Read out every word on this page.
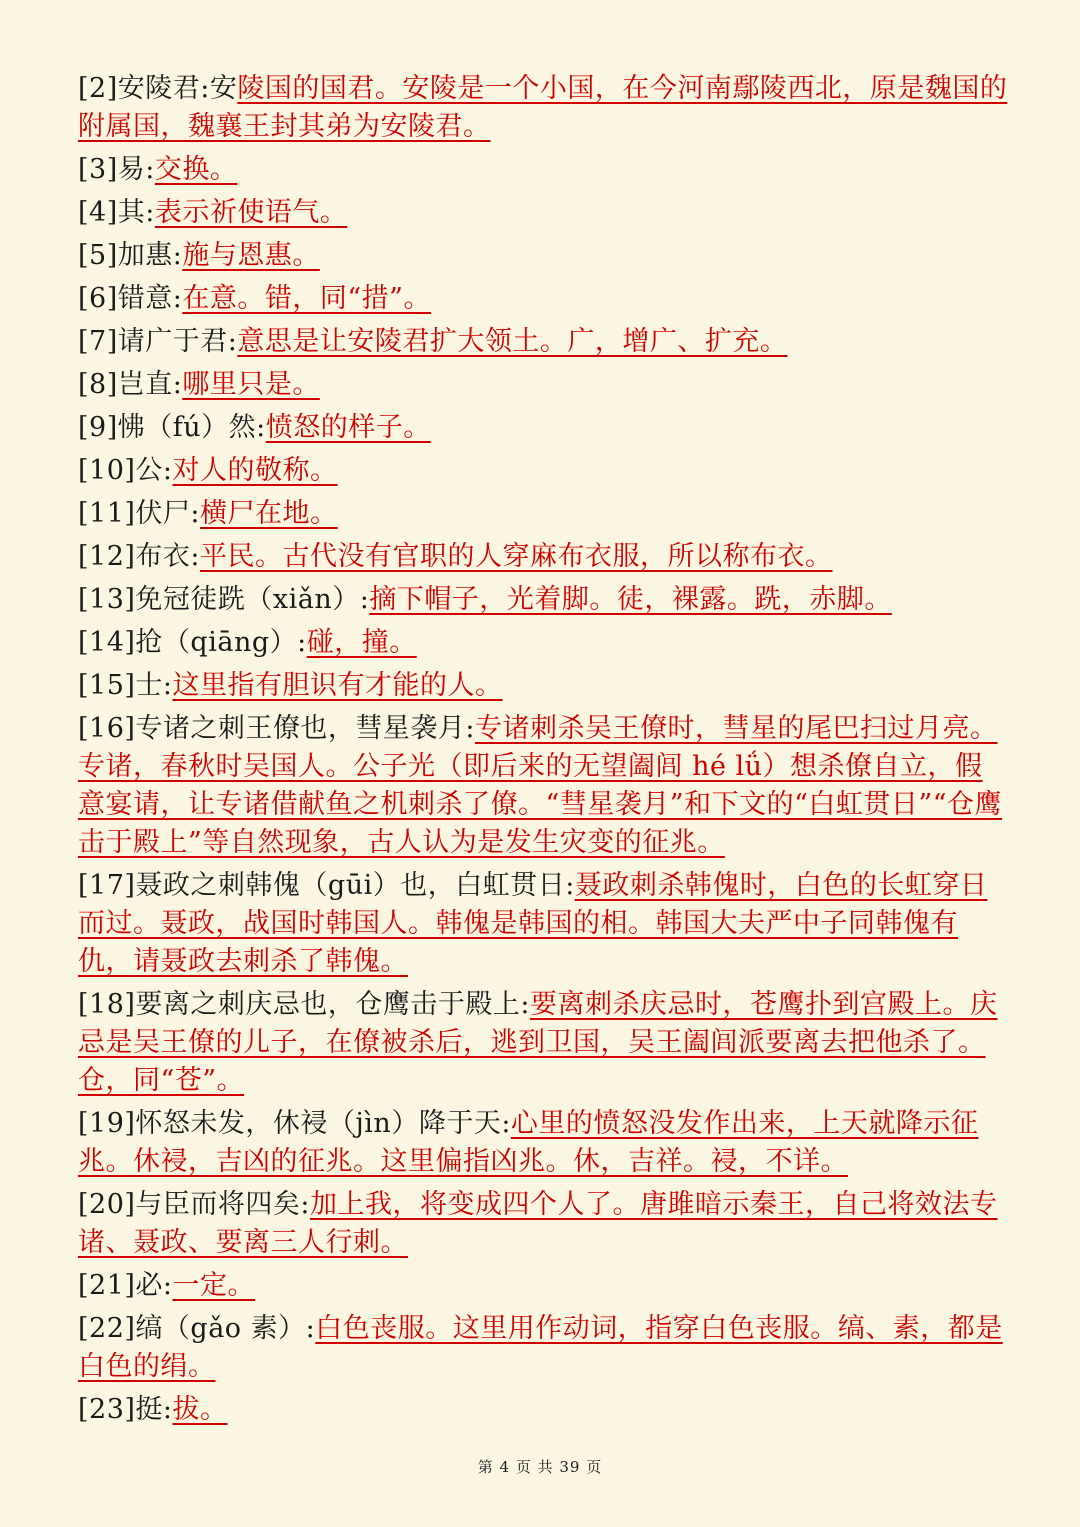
[2]安陵君:安陵国的国君。安陵是一个小国，在今河南鄢陵西北，原是魏国的附属国，魏襄王封其弟为安陵君。

[3]易:交换。

[4]其:表示祈使语气。

[5]加惠:施与恩惠。

[6]错意:在意。错，同“措”。

[7]请广于君:意思是让安陵君扩大领土。广，增广、扩充。

[8]岂直:哪里只是。

[9]怫（fú）然:愤怒的样子。

[10]公:对人的敬称。

[11]伏尸:横尸在地。

[12]布衣:平民。古代没有官职的人穿麻布衣服，所以称布衣。

[13]免冠徒跣（xiǎn）:摘下帽子，光着脚。徒，裸露。跣，赤脚。

[14]抢（qiāng）:碰，撞。

[15]士:这里指有胆识有才能的人。

[16]专诸之刺王僚也，彗星袭月:专诸刺杀吴王僚时，彗星的尾巴扫过月亮。专诸，春秋时吴国人。公子光（即后来的无望阖闾 hé lǘ）想杀僚自立，假意宴请，让专诸借献鱼之机刺杀了僚。“彗星袭月”和下文的“白虹贯日”“仓鹰击于殿上”等自然现象，古人认为是发生灾变的征兆。

[17]聂政之刺韩傀（gūi）也，白虹贯日:聂政刺杀韩傀时，白色的长虹穿日而过。聂政，战国时韩国人。韩傀是韩国的相。韩国大夫严中子同韩傀有仇，请聂政去刺杀了韩傀。

[18]要离之刺庆忌也，仓鹰击于殿上:要离刺杀庆忌时，苍鹰扑到宫殿上。庆忌是吴王僚的儿子，在僚被杀后，逃到卫国，吴王阖闾派要离去把他杀了。仓，同“苍”。

[19]怀怒未发，休祲（jìn）降于天:心里的愤怒没发作出来，上天就降示征兆。休祲，吉凶的征兆。这里偏指凶兆。休，吉祥。祲，不详。

[20]与臣而将四矣:加上我，将变成四个人了。唐雎暗示秦王，自己将效法专诸、聂政、要离三人行刺。

[21]必:一定。

[22]缟（gǎo 素）:白色丧服。这里用作动词，指穿白色丧服。缟、素，都是白色的绢。

[23]挺:拔。

第 4 页 共 39 页
